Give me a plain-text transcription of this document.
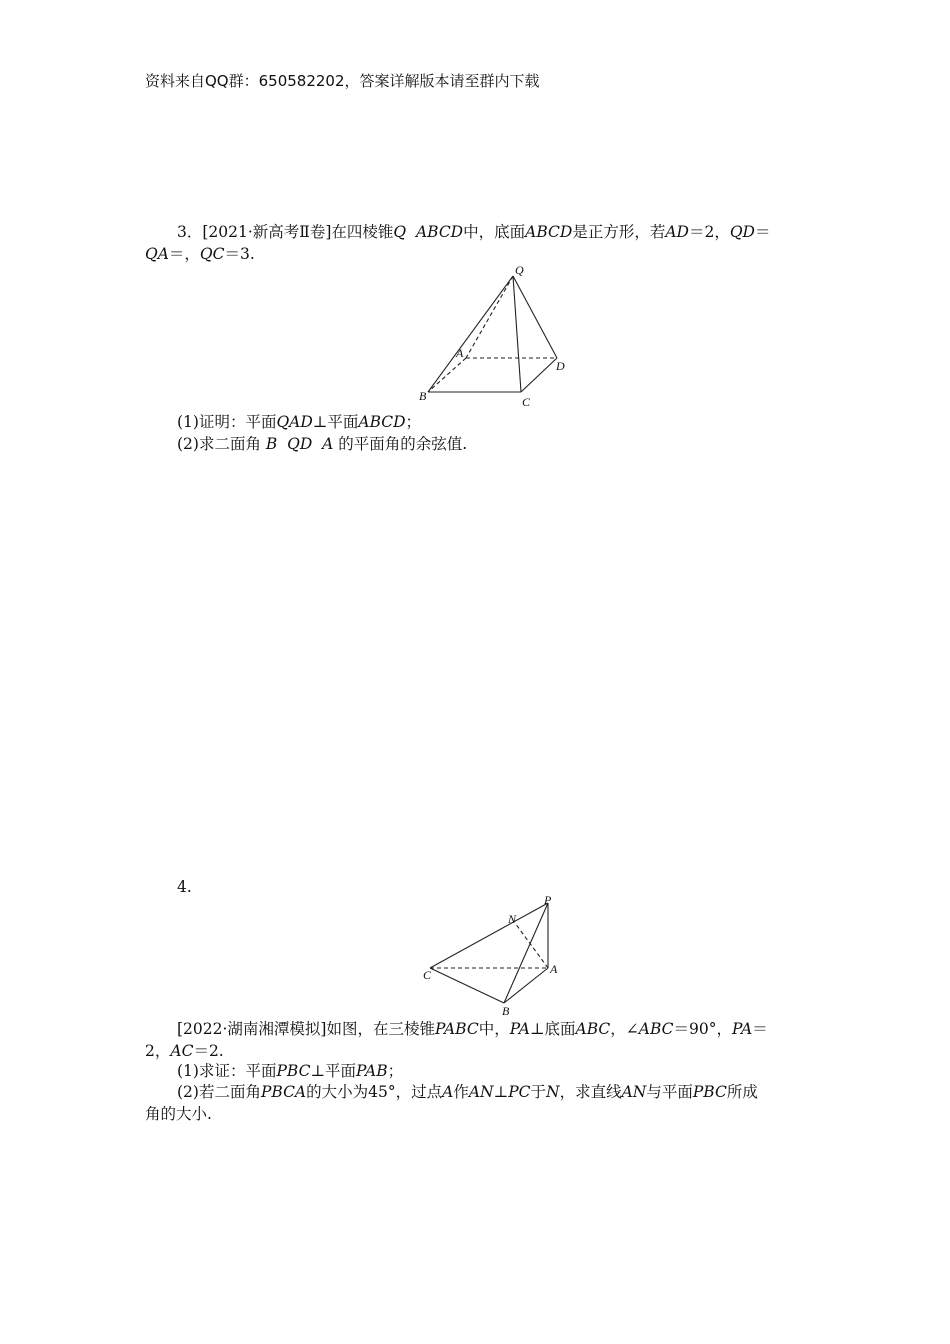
资料来自QQ群：650582202，答案详解版本请至群内下载
3．[2021·新高考Ⅱ卷]在四棱锥Q ABCD中，底面ABCD是正方形，若AD＝2，QD＝
QA＝，QC＝3.
Q
A
D
B	C
(1)证明：平面QAD⊥平面ABCD；
(2)求二面角 B QD A 的平面角的余弦值.
4.
P
N
C	A
B
[2022·湖南湘潭模拟]如图，在三棱锥PABC中，PA⊥底面ABC，∠ABC＝90°，PA＝
2，AC＝2.
(1)求证：平面PBC⊥平面PAB；
(2)若二面角PBCA的大小为45°，过点A作AN⊥PC于N，求直线AN与平面PBC所成
角的大小.
